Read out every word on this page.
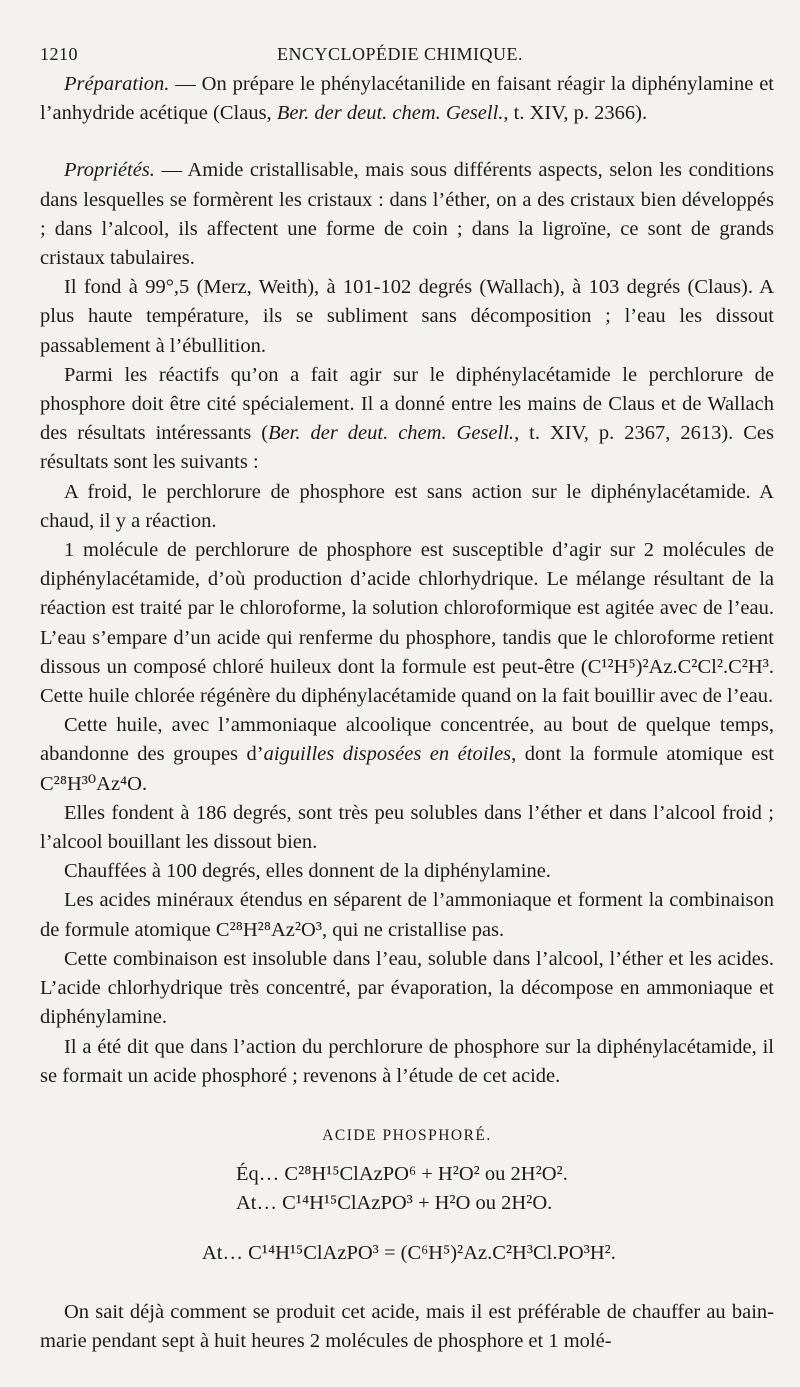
1210	ENCYCLOPÉDIE CHIMIQUE.

Préparation. — On prépare le phénylacétanilide en faisant réagir la diphénylamine et l’anhydride acétique (Claus, Ber. der deut. chem. Gesell., t. XIV, p. 2366).

Propriétés. — Amide cristallisable, mais sous différents aspects, selon les conditions dans lesquelles se formèrent les cristaux : dans l’éther, on a des cristaux bien développés ; dans l’alcool, ils affectent une forme de coin ; dans la ligroïne, ce sont de grands cristaux tabulaires.

Il fond à 99°,5 (Merz, Weith), à 101-102 degrés (Wallach), à 103 degrés (Claus). A plus haute température, ils se subliment sans décomposition ; l’eau les dissout passablement à l’ébullition.

Parmi les réactifs qu’on a fait agir sur le diphénylacétamide le perchlorure de phosphore doit être cité spécialement. Il a donné entre les mains de Claus et de Wallach des résultats intéressants (Ber. der deut. chem. Gesell., t. XIV, p. 2367, 2613). Ces résultats sont les suivants :

A froid, le perchlorure de phosphore est sans action sur le diphénylacétamide. A chaud, il y a réaction.

1 molécule de perchlorure de phosphore est susceptible d’agir sur 2 molécules de diphénylacétamide, d’où production d’acide chlorhydrique. Le mélange résultant de la réaction est traité par le chloroforme, la solution chloroformique est agitée avec de l’eau. L’eau s’empare d’un acide qui renferme du phosphore, tandis que le chloroforme retient dissous un composé chloré huileux dont la formule est peut-être (C¹²H⁵)²Az.C²Cl².C²H³. Cette huile chlorée régénère du diphénylacétamide quand on la fait bouillir avec de l’eau.

Cette huile, avec l’ammoniaque alcoolique concentrée, au bout de quelque temps, abandonne des groupes d’aiguilles disposées en étoiles, dont la formule atomique est C²⁸H³⁰Az⁴O.

Elles fondent à 186 degrés, sont très peu solubles dans l’éther et dans l’alcool froid ; l’alcool bouillant les dissout bien.

Chauffées à 100 degrés, elles donnent de la diphénylamine.

Les acides minéraux étendus en séparent de l’ammoniaque et forment la combinaison de formule atomique C²⁸H²⁸Az²O³, qui ne cristallise pas.

Cette combinaison est insoluble dans l’eau, soluble dans l’alcool, l’éther et les acides. L’acide chlorhydrique très concentré, par évaporation, la décompose en ammoniaque et diphénylamine.

Il a été dit que dans l’action du perchlorure de phosphore sur la diphénylacétamide, il se formait un acide phosphoré ; revenons à l’étude de cet acide.

ACIDE PHOSPHORÉ.

Éq… C²⁸H¹⁵ClAzPO⁶ + H²O² ou 2H²O².

At… C¹⁴H¹⁵ClAzPO³ + H²O ou 2H²O.

At… C¹⁴H¹⁵ClAzPO³ = (C⁶H⁵)²Az.C²H³Cl.PO³H².

On sait déjà comment se produit cet acide, mais il est préférable de chauffer au bain-marie pendant sept à huit heures 2 molécules de phosphore et 1 molé-
